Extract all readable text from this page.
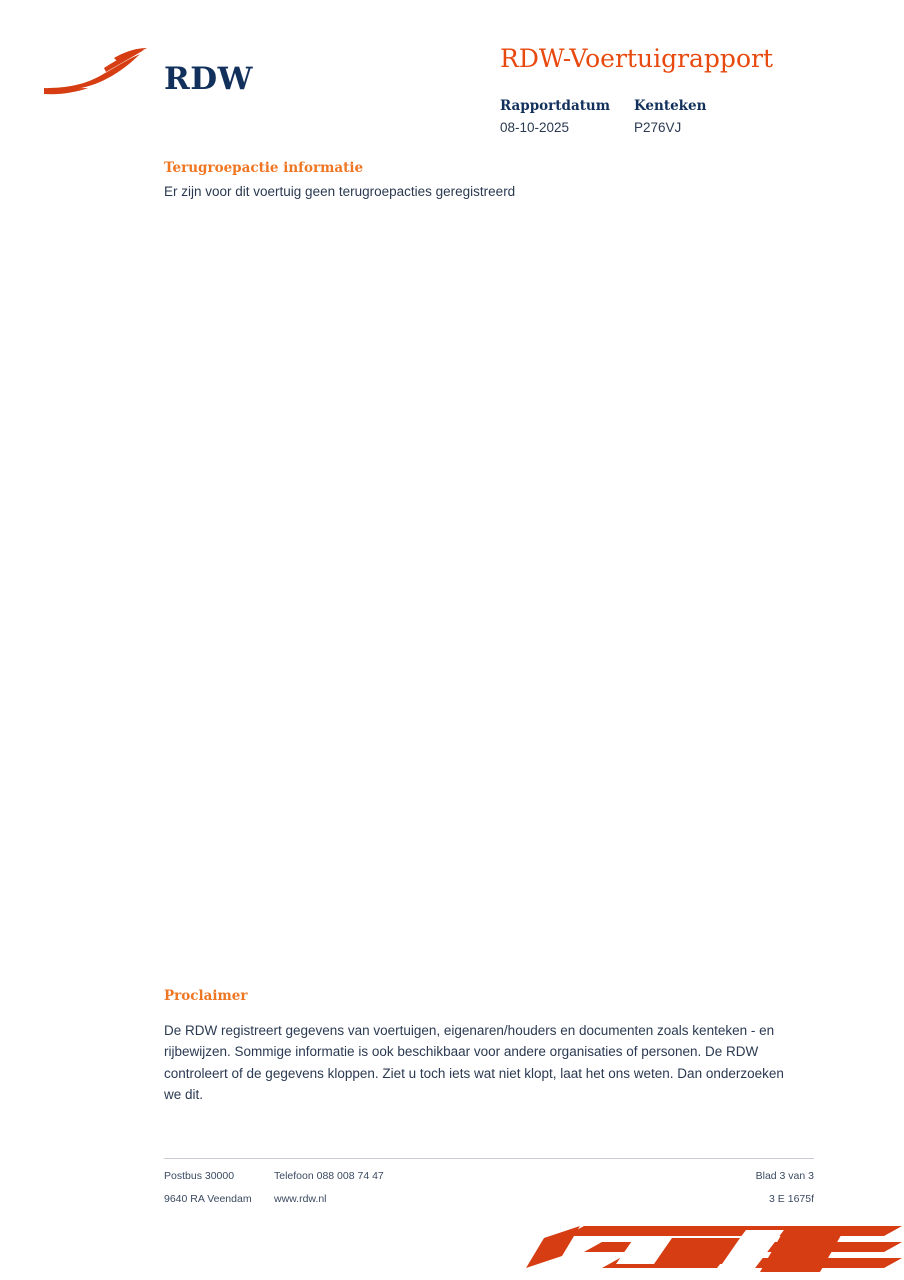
RDW
RDW-Voertuigrapport
Rapportdatum
08-10-2025
Kenteken
P276VJ
Terugroepactie informatie
Er zijn voor dit voertuig geen terugroepacties geregistreerd
Proclaimer
De RDW registreert gegevens van voertuigen, eigenaren/houders en documenten zoals kenteken - en rijbewijzen. Sommige informatie is ook beschikbaar voor andere organisaties of personen. De RDW controleert of de gegevens kloppen. Ziet u toch iets wat niet klopt, laat het ons weten. Dan onderzoeken we dit.
Postbus 30000	Telefoon 088 008 74 47	Blad 3 van 3
9640 RA Veendam www.rdw.nl	3 E 1675f
